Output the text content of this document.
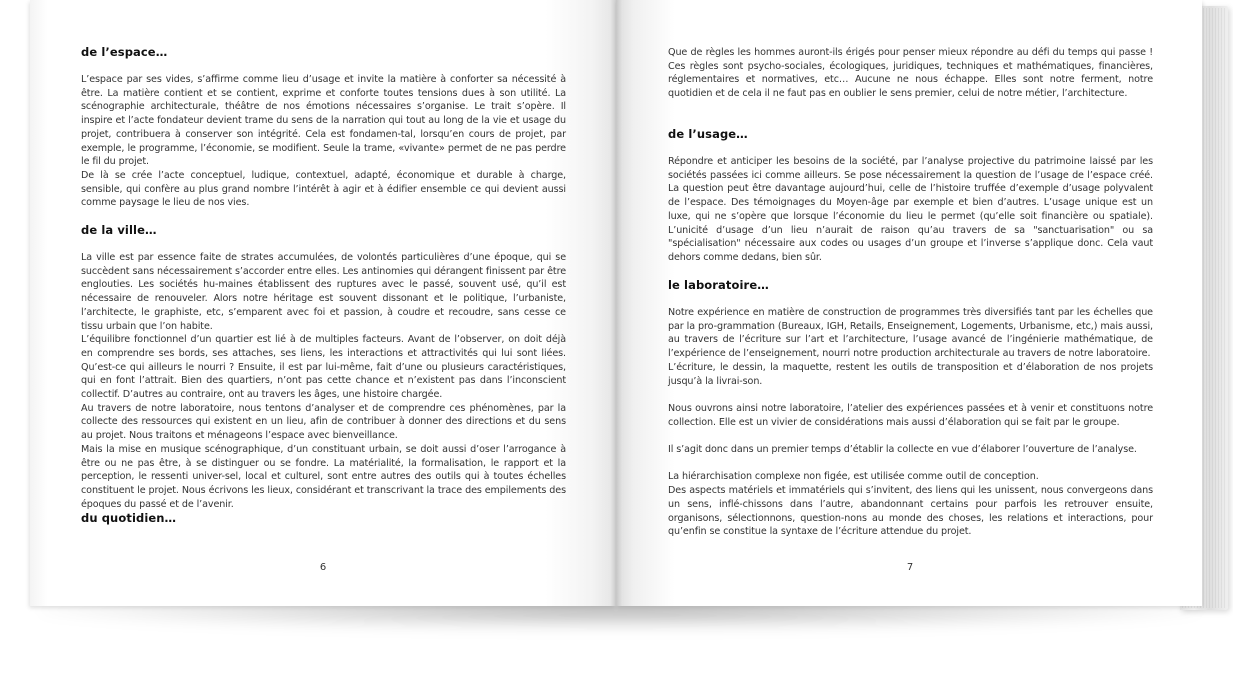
de l’espace…

L’espace par ses vides, s’affirme comme lieu d’usage et invite la matière à conforter sa nécessité à être. La matière contient et se contient, exprime et conforte toutes tensions dues à son utilité. La scénographie architecturale, théâtre de nos émotions nécessaires s’organise. Le trait s’opère. Il inspire et l’acte fondateur devient trame du sens de la narration qui tout au long de la vie et usage du projet, contribuera à conserver son intégrité. Cela est fondamen-tal, lorsqu’en cours de projet, par exemple, le programme, l’économie, se modifient. Seule la trame, «vivante» permet de ne pas perdre le fil du projet.

De là se crée l’acte conceptuel, ludique, contextuel, adapté, économique et durable à charge, sensible, qui confère au plus grand nombre l’intérêt à agir et à édifier ensemble ce qui devient aussi comme paysage le lieu de nos vies.

de la ville…

La ville est par essence faite de strates accumulées, de volontés particulières d’une époque, qui se succèdent sans nécessairement s’accorder entre elles. Les antinomies qui dérangent finissent par être englouties. Les sociétés hu-maines établissent des ruptures avec le passé, souvent usé, qu’il est nécessaire de renouveler. Alors notre héritage est souvent dissonant et le politique, l’urbaniste, l’architecte, le graphiste, etc, s’emparent avec foi et passion, à coudre et recoudre, sans cesse ce tissu urbain que l’on habite.

L’équilibre fonctionnel d’un quartier est lié à de multiples facteurs. Avant de l’observer, on doit déjà en comprendre ses bords, ses attaches, ses liens, les interactions et attractivités qui lui sont liées. Qu’est-ce qui ailleurs le nourri ? Ensuite, il est par lui-même, fait d’une ou plusieurs caractéristiques, qui en font l’attrait. Bien des quartiers, n’ont pas cette chance et n’existent pas dans l’inconscient collectif. D’autres au contraire, ont au travers les âges, une histoire chargée.

Au travers de notre laboratoire, nous tentons d’analyser et de comprendre ces phénomènes, par la collecte des ressources qui existent en un lieu, afin de contribuer à donner des directions et du sens au projet. Nous traitons et ménageons l’espace avec bienveillance.

Mais la mise en musique scénographique, d’un constituant urbain, se doit aussi d’oser l’arrogance à être ou ne pas être, à se distinguer ou se fondre. La matérialité, la formalisation, le rapport et la perception, le ressenti univer-sel, local et culturel, sont entre autres des outils qui à toutes échelles constituent le projet. Nous écrivons les lieux, considérant et transcrivant la trace des empilements des époques du passé et de l’avenir.

du quotidien…
6

Que de règles les hommes auront-ils érigés pour penser mieux répondre au défi du temps qui passe ! Ces règles sont psycho-sociales, écologiques, juridiques, techniques et mathématiques, financières, réglementaires et normatives, etc… Aucune ne nous échappe. Elles sont notre ferment, notre quotidien et de cela il ne faut pas en oublier le sens premier, celui de notre métier, l’architecture.

de l’usage…

Répondre et anticiper les besoins de la société, par l’analyse projective du patrimoine laissé par les sociétés passées ici comme ailleurs. Se pose nécessairement la question de l’usage de l’espace créé. La question peut être davantage aujourd’hui, celle de l’histoire truffée d’exemple d’usage polyvalent de l’espace. Des témoignages du Moyen-âge par exemple et bien d’autres. L’usage unique est un luxe, qui ne s’opère que lorsque l’économie du lieu le permet (qu’elle soit financière ou spatiale). L’unicité d’usage d’un lieu n’aurait de raison qu’au travers de sa "sanctuarisation" ou sa "spécialisation" nécessaire aux codes ou usages d’un groupe et l’inverse s’applique donc. Cela vaut dehors comme dedans, bien sûr.

le laboratoire…

Notre expérience en matière de construction de programmes très diversifiés tant par les échelles que par la pro-grammation (Bureaux, IGH, Retails, Enseignement, Logements, Urbanisme, etc,) mais aussi, au travers de l’écriture sur l’art et l’architecture, l’usage avancé de l’ingénierie mathématique, de l’expérience de l’enseignement, nourri notre production architecturale au travers de notre laboratoire.

L’écriture, le dessin, la maquette, restent les outils de transposition et d’élaboration de nos projets jusqu’à la livrai-son.

Nous ouvrons ainsi notre laboratoire, l’atelier des expériences passées et à venir et constituons notre collection. Elle est un vivier de considérations mais aussi d’élaboration qui se fait par le groupe.

Il s’agit donc dans un premier temps d’établir la collecte en vue d’élaborer l’ouverture de l’analyse.

La hiérarchisation complexe non figée, est utilisée comme outil de conception.

Des aspects matériels et immatériels qui s’invitent, des liens qui les unissent, nous convergeons dans un sens, inflé-chissons dans l’autre, abandonnant certains pour parfois les retrouver ensuite, organisons, sélectionnons, question-nons au monde des choses, les relations et interactions, pour qu’enfin se constitue la syntaxe de l’écriture attendue du projet.

7
